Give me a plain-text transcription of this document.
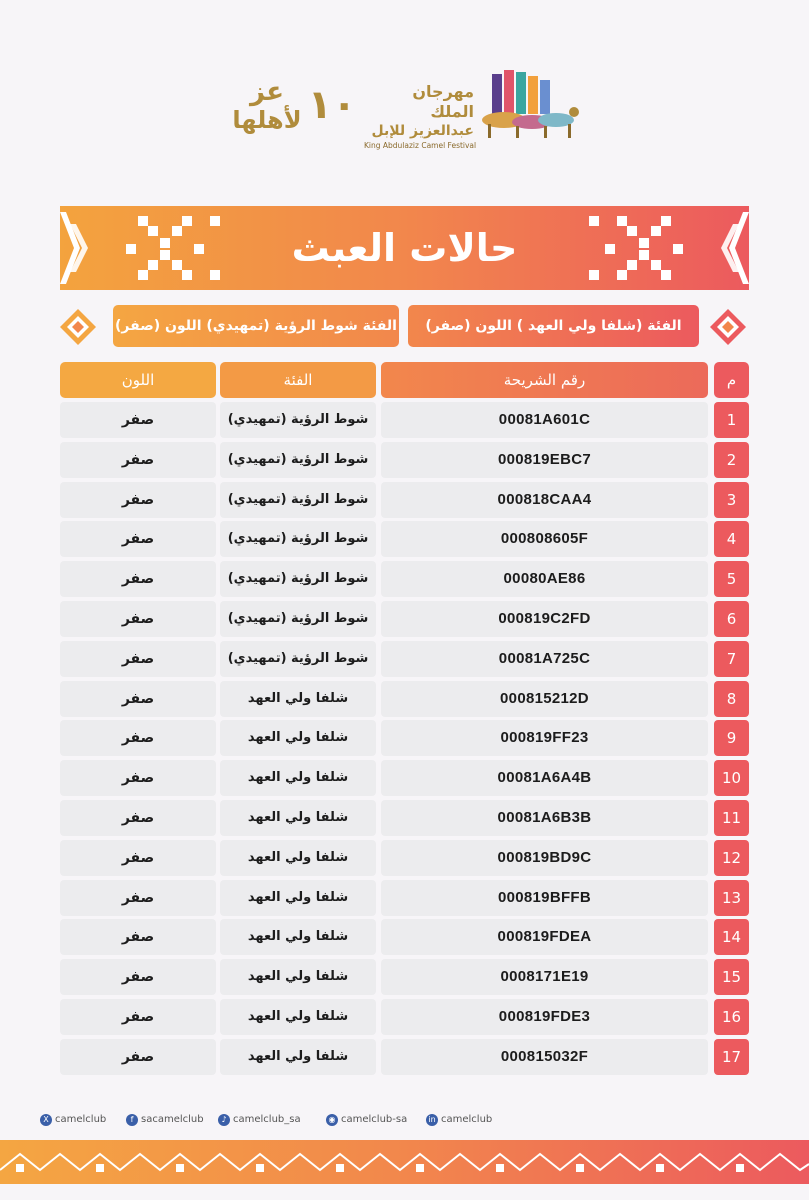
عز
لأهلها ١٠	مهرجان الملك
عبدالعزيز للإبل
King Abdulaziz Camel Festival
حالات العبث
الفئة شوط الرؤية (تمهيدي) اللون (صفر)	الفئة (شلفا ولي العهد ) اللون (صفر)
اللون	الفئة	رقم الشريحة	م
صفر	شوط الرؤية (تمهيدي)	00081A601C	1
صفر	شوط الرؤية (تمهيدي)	000819EBC7	2
صفر	شوط الرؤية (تمهيدي)	000818CAA4	3
صفر	شوط الرؤية (تمهيدي)	000808605F	4
صفر	شوط الرؤية (تمهيدي)	00080AE86	5
صفر	شوط الرؤية (تمهيدي)	000819C2FD	6
صفر	شوط الرؤية (تمهيدي)	00081A725C	7
صفر	شلفا ولي العهد	000815212D	8
صفر	شلفا ولي العهد	000819FF23	9
صفر	شلفا ولي العهد	00081A6A4B	10
صفر	شلفا ولي العهد	00081A6B3B	11
صفر	شلفا ولي العهد	000819BD9C	12
صفر	شلفا ولي العهد	000819BFFB	13
صفر	شلفا ولي العهد	000819FDEA	14
صفر	شلفا ولي العهد	0008171E19	15
صفر	شلفا ولي العهد	000819FDE3	16
صفر	شلفا ولي العهد	000815032F	17
X camelclub	f sacamelclub	♪ camelclub_sa	◉ camelclub-sa	in camelclub
